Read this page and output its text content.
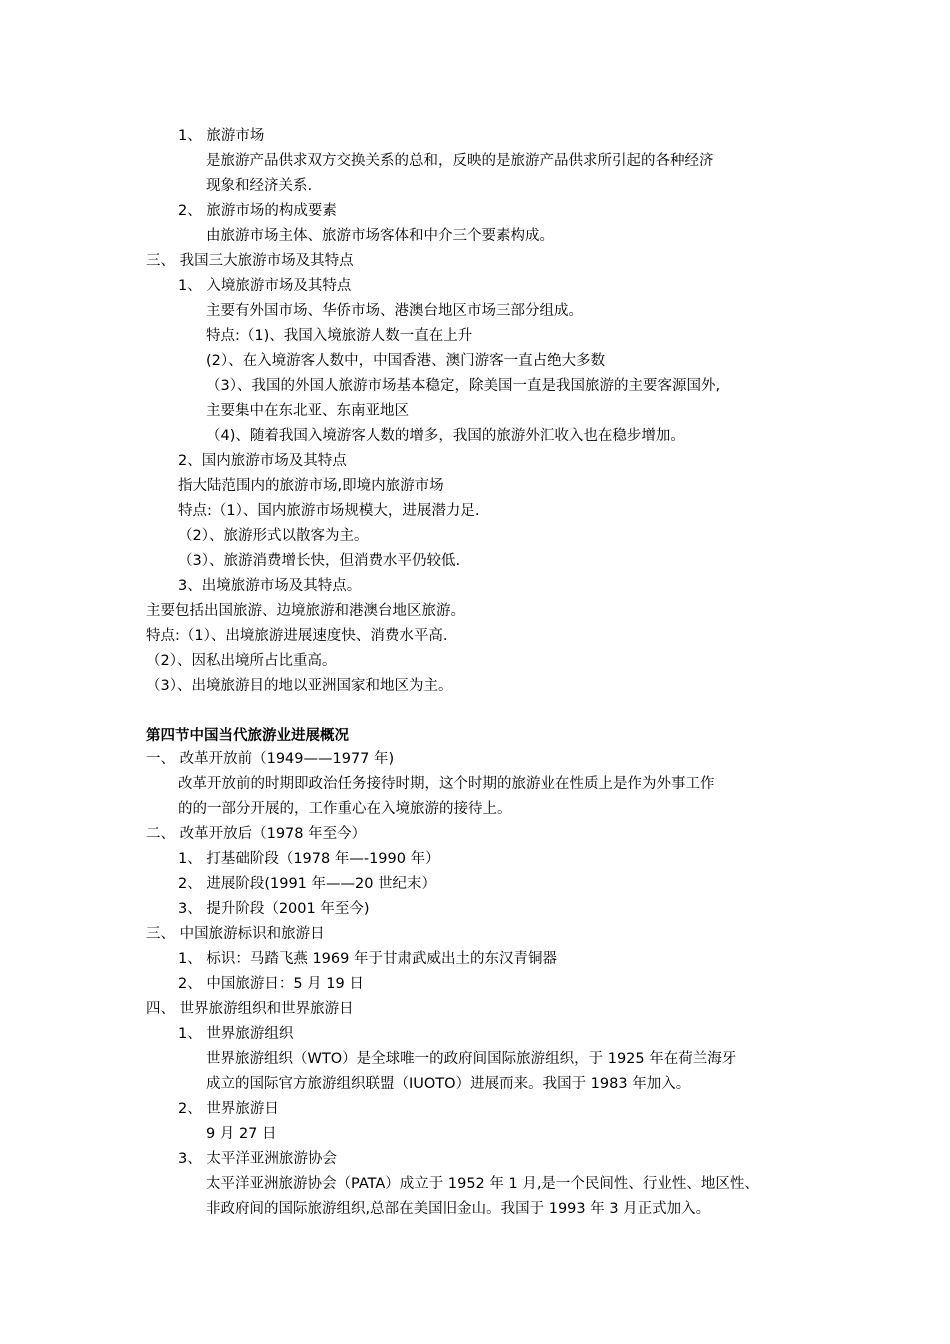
1、 旅游市场
是旅游产品供求双方交换关系的总和，反映的是旅游产品供求所引起的各种经济
现象和经济关系.
2、 旅游市场的构成要素
由旅游市场主体、旅游市场客体和中介三个要素构成。
三、 我国三大旅游市场及其特点
1、 入境旅游市场及其特点
主要有外国市场、华侨市场、港澳台地区市场三部分组成。
特点:（1)、我国入境旅游人数一直在上升
(2）、在入境游客人数中，中国香港、澳门游客一直占绝大多数
（3）、我国的外国人旅游市场基本稳定，除美国一直是我国旅游的主要客源国外,
主要集中在东北亚、东南亚地区
（4)、随着我国入境游客人数的增多，我国的旅游外汇收入也在稳步增加。
2、国内旅游市场及其特点
指大陆范围内的旅游市场,即境内旅游市场
特点:（1）、国内旅游市场规模大，进展潜力足.
（2）、旅游形式以散客为主。
（3）、旅游消费增长快，但消费水平仍较低.
3、出境旅游市场及其特点。
主要包括出国旅游、边境旅游和港澳台地区旅游。
特点:（1）、出境旅游进展速度快、消费水平高.
（2）、因私出境所占比重高。
（3）、出境旅游目的地以亚洲国家和地区为主。
第四节中国当代旅游业进展概况
一、 改革开放前（1949——1977 年)
改革开放前的时期即政治任务接待时期，这个时期的旅游业在性质上是作为外事工作
的的一部分开展的，工作重心在入境旅游的接待上。
二、 改革开放后（1978 年至今）
1、 打基础阶段（1978 年—-1990 年）
2、 进展阶段(1991 年——20 世纪末）
3、 提升阶段（2001 年至今)
三、 中国旅游标识和旅游日
1、 标识：马踏飞燕 1969 年于甘肃武威出土的东汉青铜器
2、 中国旅游日：5 月 19 日
四、 世界旅游组织和世界旅游日
1、 世界旅游组织
世界旅游组织（WTO）是全球唯一的政府间国际旅游组织，于 1925 年在荷兰海牙
成立的国际官方旅游组织联盟（IUOTO）进展而来。我国于 1983 年加入。
2、 世界旅游日
9 月 27 日
3、 太平洋亚洲旅游协会
太平洋亚洲旅游协会（PATA）成立于 1952 年 1 月,是一个民间性、行业性、地区性、
非政府间的国际旅游组织,总部在美国旧金山。我国于 1993 年 3 月正式加入。
